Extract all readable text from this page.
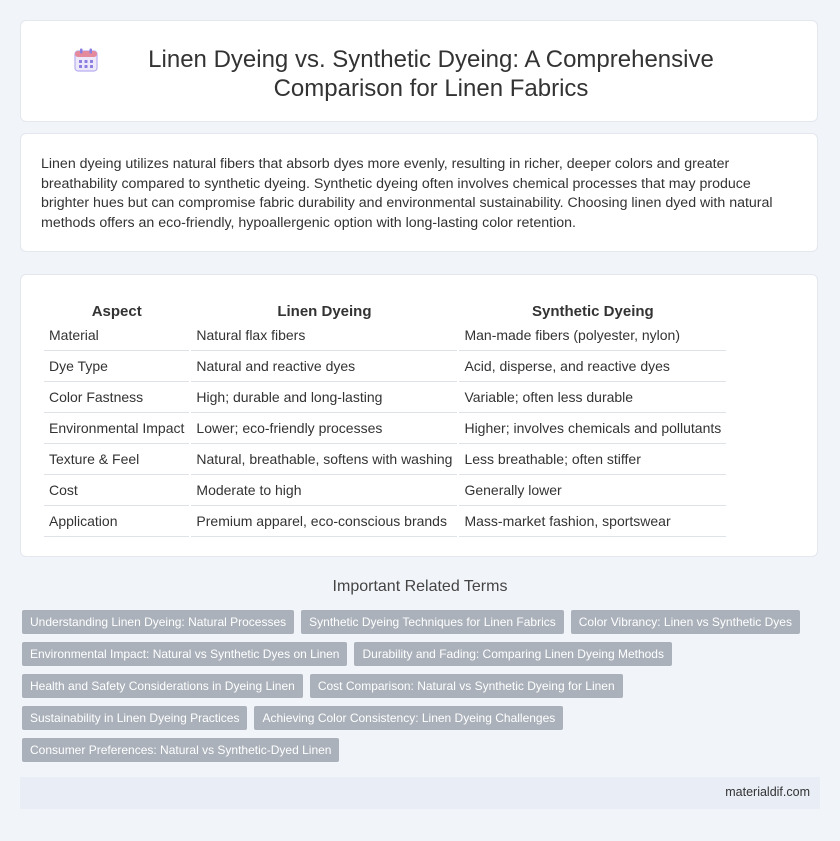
Linen Dyeing vs. Synthetic Dyeing: A Comprehensive Comparison for Linen Fabrics

Linen dyeing utilizes natural fibers that absorb dyes more evenly, resulting in richer, deeper colors and greater breathability compared to synthetic dyeing. Synthetic dyeing often involves chemical processes that may produce brighter hues but can compromise fabric durability and environmental sustainability. Choosing linen dyed with natural methods offers an eco-friendly, hypoallergenic option with long-lasting color retention.

Aspect	Linen Dyeing	Synthetic Dyeing
Material	Natural flax fibers	Man-made fibers (polyester, nylon)
Dye Type	Natural and reactive dyes	Acid, disperse, and reactive dyes
Color Fastness	High; durable and long-lasting	Variable; often less durable
Environmental Impact	Lower; eco-friendly processes	Higher; involves chemicals and pollutants
Texture & Feel	Natural, breathable, softens with washing	Less breathable; often stiffer
Cost	Moderate to high	Generally lower
Application	Premium apparel, eco-conscious brands	Mass-market fashion, sportswear
Important Related Terms
Understanding Linen Dyeing: Natural Processes	Synthetic Dyeing Techniques for Linen Fabrics	Color Vibrancy: Linen vs Synthetic Dyes
Environmental Impact: Natural vs Synthetic Dyes on Linen	Durability and Fading: Comparing Linen Dyeing Methods
Health and Safety Considerations in Dyeing Linen	Cost Comparison: Natural vs Synthetic Dyeing for Linen
Sustainability in Linen Dyeing Practices	Achieving Color Consistency: Linen Dyeing Challenges
Consumer Preferences: Natural vs Synthetic-Dyed Linen
materialdif.com
